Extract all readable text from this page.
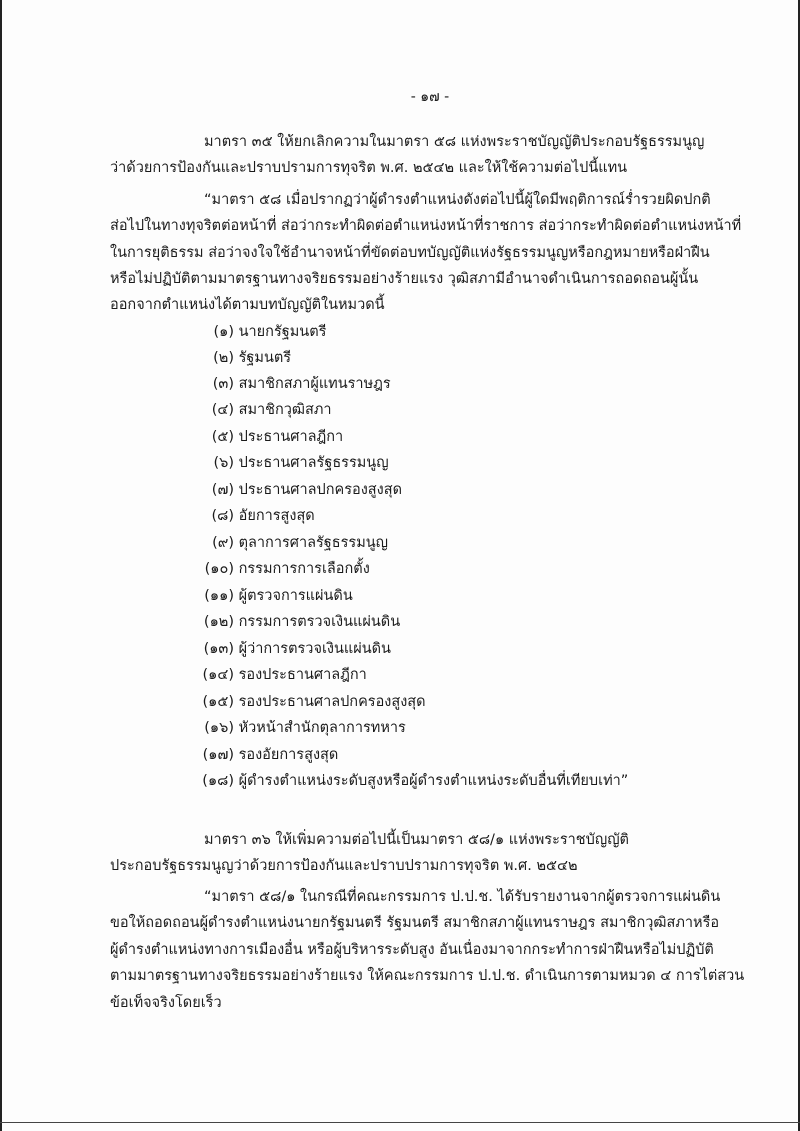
- ๑๗ -
มาตรา ๓๕ ให้ยกเลิกความในมาตรา ๕๘ แห่งพระราชบัญญัติประกอบรัฐธรรมนูญ
ว่าด้วยการป้องกันและปราบปรามการทุจริต พ.ศ. ๒๕๔๒ และให้ใช้ความต่อไปนี้แทน
“มาตรา ๕๘ เมื่อปรากฏว่าผู้ดำรงตำแหน่งดังต่อไปนี้ผู้ใดมีพฤติการณ์ร่ำรวยผิดปกติ
ส่อไปในทางทุจริตต่อหน้าที่ ส่อว่ากระทำผิดต่อตำแหน่งหน้าที่ราชการ ส่อว่ากระทำผิดต่อตำแหน่งหน้าที่
ในการยุติธรรม ส่อว่าจงใจใช้อำนาจหน้าที่ขัดต่อบทบัญญัติแห่งรัฐธรรมนูญหรือกฎหมายหรือฝ่าฝืน
หรือไม่ปฏิบัติตามมาตรฐานทางจริยธรรมอย่างร้ายแรง วุฒิสภามีอำนาจดำเนินการถอดถอนผู้นั้น
ออกจากตำแหน่งได้ตามบทบัญญัติในหมวดนี้
(๑) นายกรัฐมนตรี
(๒) รัฐมนตรี
(๓) สมาชิกสภาผู้แทนราษฎร
(๔) สมาชิกวุฒิสภา
(๕) ประธานศาลฎีกา
(๖) ประธานศาลรัฐธรรมนูญ
(๗) ประธานศาลปกครองสูงสุด
(๘) อัยการสูงสุด
(๙) ตุลาการศาลรัฐธรรมนูญ
(๑๐) กรรมการการเลือกตั้ง
(๑๑) ผู้ตรวจการแผ่นดิน
(๑๒) กรรมการตรวจเงินแผ่นดิน
(๑๓) ผู้ว่าการตรวจเงินแผ่นดิน
(๑๔) รองประธานศาลฎีกา
(๑๕) รองประธานศาลปกครองสูงสุด
(๑๖) หัวหน้าสำนักตุลาการทหาร
(๑๗) รองอัยการสูงสุด
(๑๘) ผู้ดำรงตำแหน่งระดับสูงหรือผู้ดำรงตำแหน่งระดับอื่นที่เทียบเท่า”
มาตรา ๓๖ ให้เพิ่มความต่อไปนี้เป็นมาตรา ๕๘/๑ แห่งพระราชบัญญัติ
ประกอบรัฐธรรมนูญว่าด้วยการป้องกันและปราบปรามการทุจริต พ.ศ. ๒๕๔๒
“มาตรา ๕๘/๑ ในกรณีที่คณะกรรมการ ป.ป.ช. ได้รับรายงานจากผู้ตรวจการแผ่นดิน
ขอให้ถอดถอนผู้ดำรงตำแหน่งนายกรัฐมนตรี รัฐมนตรี สมาชิกสภาผู้แทนราษฎร สมาชิกวุฒิสภาหรือ
ผู้ดำรงตำแหน่งทางการเมืองอื่น หรือผู้บริหารระดับสูง อันเนื่องมาจากกระทำการฝ่าฝืนหรือไม่ปฏิบัติ
ตามมาตรฐานทางจริยธรรมอย่างร้ายแรง ให้คณะกรรมการ ป.ป.ช. ดำเนินการตามหมวด ๔ การไต่สวน
ข้อเท็จจริงโดยเร็ว
